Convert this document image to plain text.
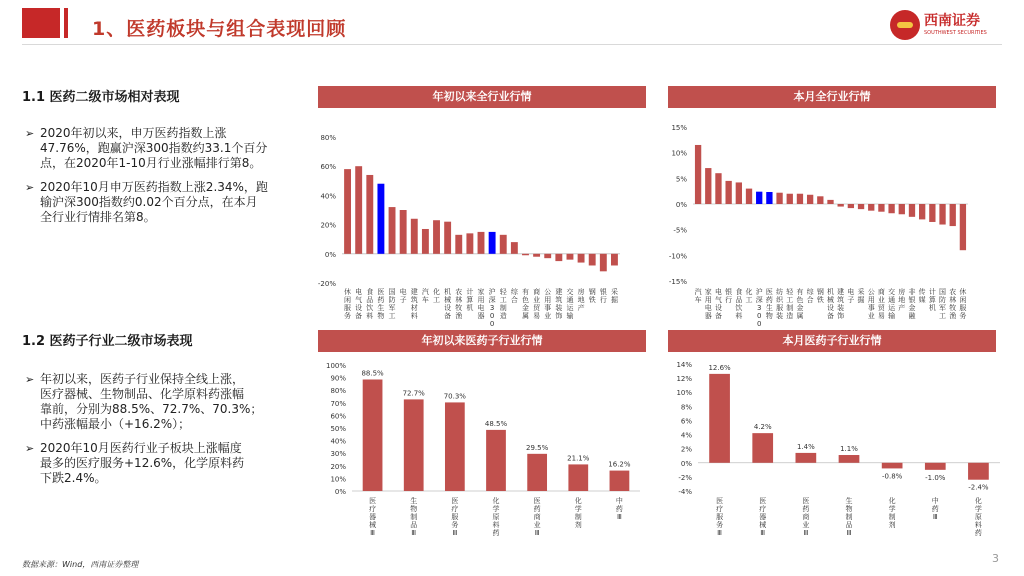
1、医药板块与组合表现回顾	西南证券
SOUTHWEST SECURITIES
1.1 医药二级市场相对表现
➢ 2020年初以来，申万医药指数上涨
47.76%，跑赢沪深300指数约33.1个百分
点，在2020年1-10月行业涨幅排行第8。
➢ 2020年10月申万医药指数上涨2.34%，跑
输沪深300指数约0.02个百分点，在本月
全行业行情排名第8。
1.2 医药子行业二级市场表现
➢ 年初以来，医药子行业保持全线上涨，
医疗器械、生物制品、化学原料药涨幅
靠前，分别为88.5%、72.7%、70.3%；
中药涨幅最小（+16.2%）；
➢ 2020年10月医药行业子板块上涨幅度
最多的医疗服务+12.6%，化学原料药
下跌2.4%。
年初以来全行业行情	本月全行业行情
年初以来医药子行业行情	本月医药子行业行情
-20%
0%
20%
40%
60%
80%
休闲服务
电气设备
食品饮料
医药生物
国防军工
电子
建筑材料
汽车
化工
机械设备
农林牧渔
计算机
家用电器
沪深 3 0 0
轻工制造
综合
有色金属
商业贸易
公用事业
建筑装饰
交通运输
房地产
钢铁
银行
采掘
-15%
-10%
-5%
0%
5%
10%
15%
汽车
家用电器
电气设备
银行
食品饮料
化工
沪深 3 0 0
医药生物
纺织服装
轻工制造
有色金属
综合
钢铁
机械设备
建筑装饰
电子
采掘
公用事业
商业贸易
交通运输
房地产
非银金融
传媒
计算机
国防军工
农林牧渔
休闲服务
0%
10%
20%
30%
40%
50%
60%
70%
80%
90%
100%
88.5%
医疗器械 Ⅲ
72.7%
生物制品 Ⅲ
70.3%
医疗服务 Ⅲ
48.5%
化学原料药
29.5%
医药商业 Ⅲ
21.1%
化学制剂
16.2%
中药 Ⅲ
-4%
-2%
0%
2%
4%
6%
8%
10%
12%
14% 12.6%
医疗服务 Ⅲ
4.2%
医疗器械 Ⅲ
1.4%
医药商业 Ⅲ
1.1%
生物制品 Ⅲ
-0.8%
化学制剂
-1.0%
中药 Ⅲ
-2.4%
化学原料药
数据来源：Wind，西南证券整理	3
